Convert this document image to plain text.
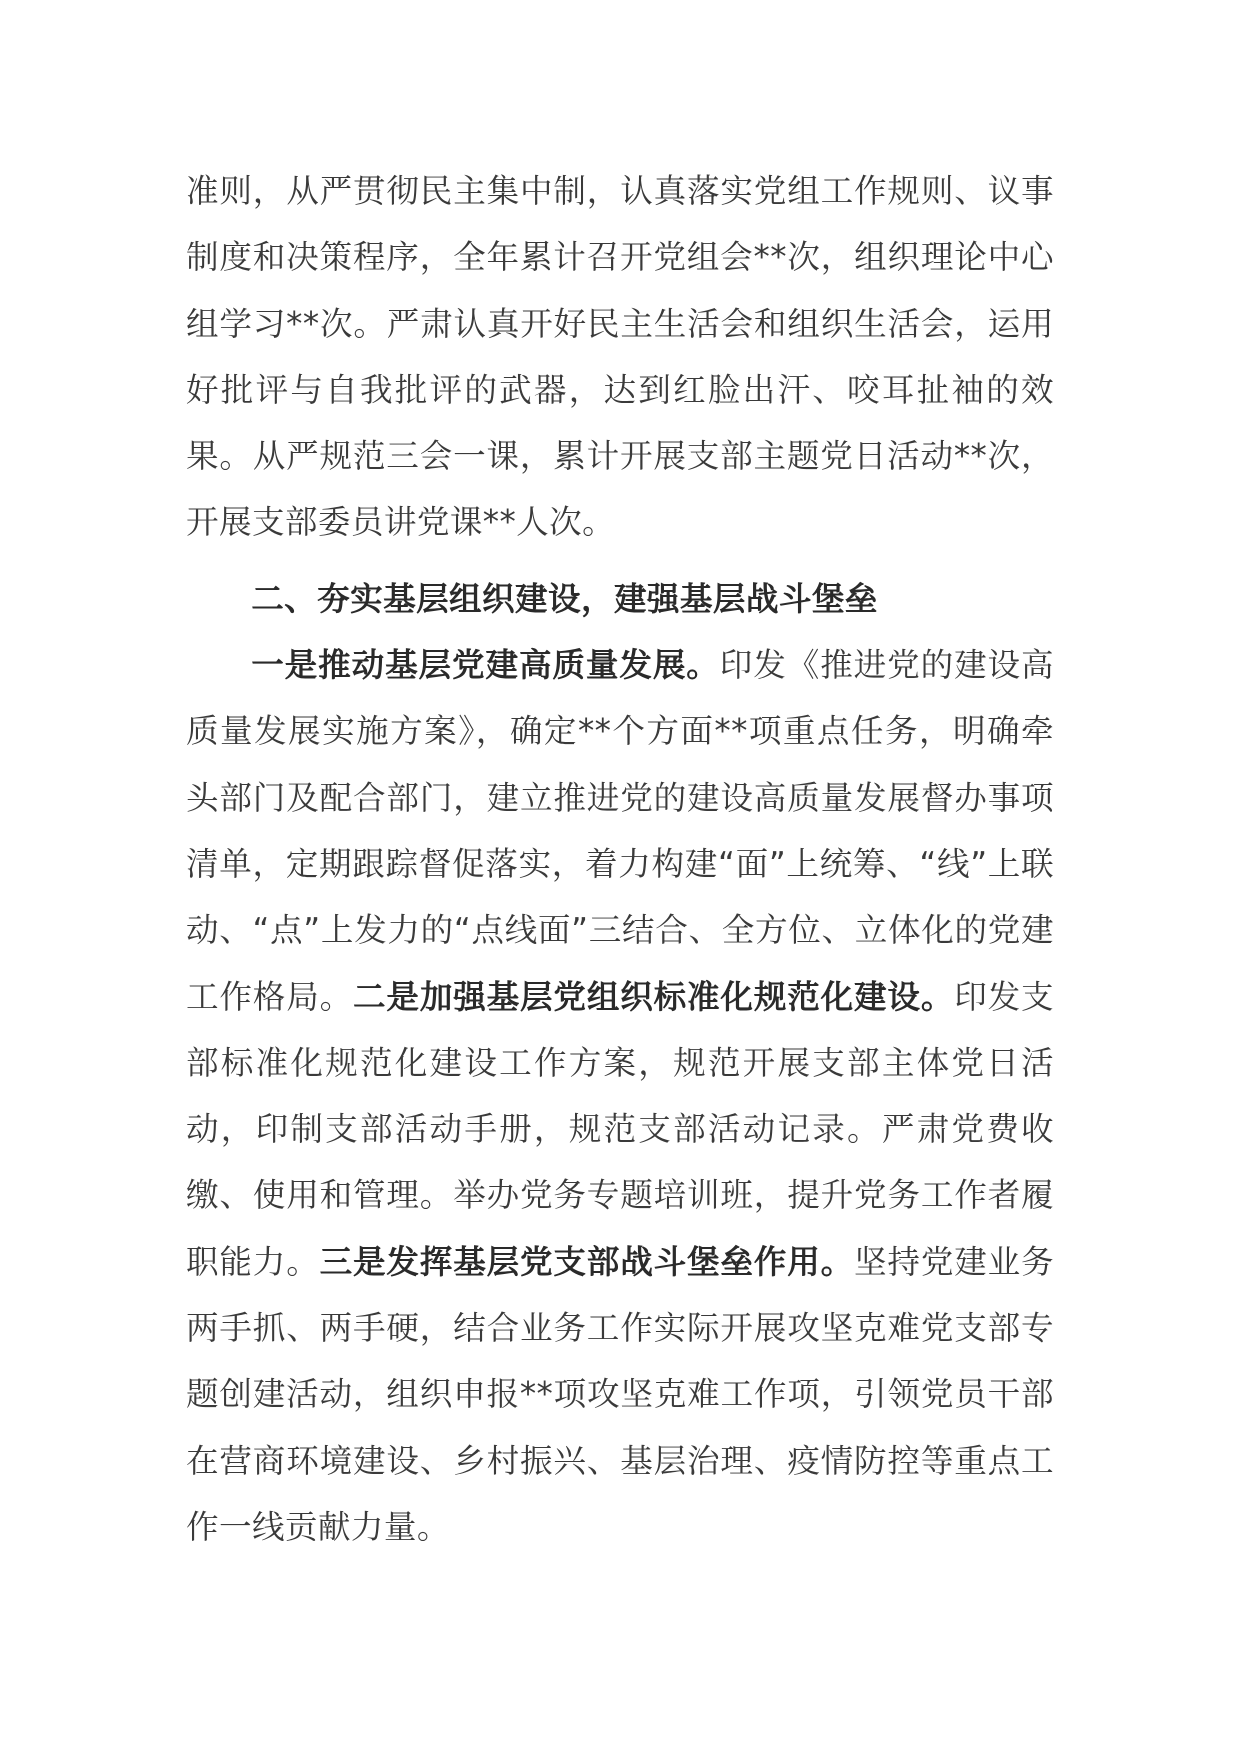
准则，从严贯彻民主集中制，认真落实党组工作规则、议事制度和决策程序，全年累计召开党组会**次，组织理论中心组学习**次。严肃认真开好民主生活会和组织生活会，运用好批评与自我批评的武器，达到红脸出汗、咬耳扯袖的效果。从严规范三会一课，累计开展支部主题党日活动**次，开展支部委员讲党课**人次。

二、夯实基层组织建设，建强基层战斗堡垒

一是推动基层党建高质量发展。印发《推进党的建设高质量发展实施方案》，确定**个方面**项重点任务，明确牵头部门及配合部门，建立推进党的建设高质量发展督办事项清单，定期跟踪督促落实，着力构建“面”上统筹、“线”上联动、“点”上发力的“点线面”三结合、全方位、立体化的党建工作格局。二是加强基层党组织标准化规范化建设。印发支部标准化规范化建设工作方案，规范开展支部主体党日活动，印制支部活动手册，规范支部活动记录。严肃党费收缴、使用和管理。举办党务专题培训班，提升党务工作者履职能力。三是发挥基层党支部战斗堡垒作用。坚持党建业务两手抓、两手硬，结合业务工作实际开展攻坚克难党支部专题创建活动，组织申报**项攻坚克难工作项，引领党员干部在营商环境建设、乡村振兴、基层治理、疫情防控等重点工作一线贡献力量。
